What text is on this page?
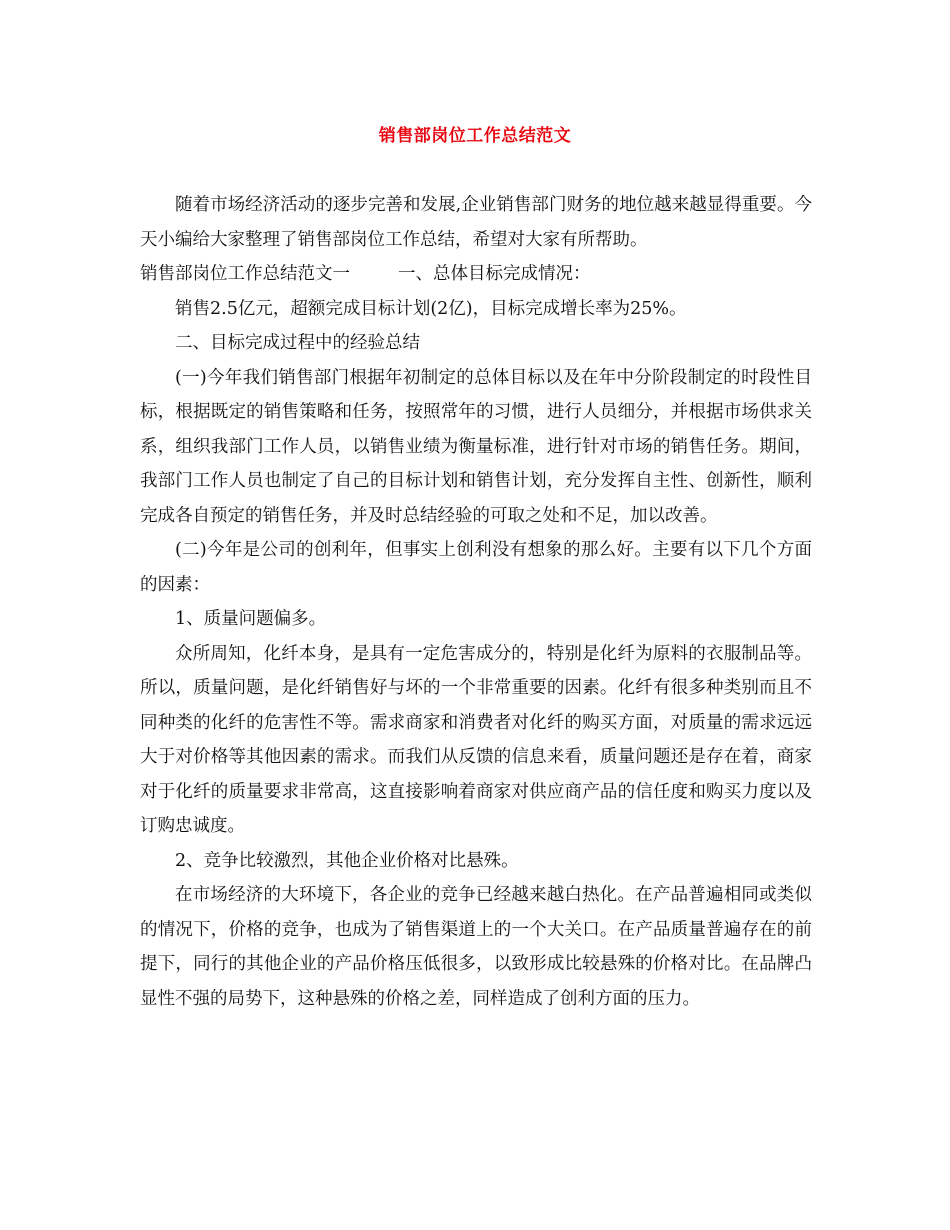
销售部岗位工作总结范文

随着市场经济活动的逐步完善和发展,企业销售部门财务的地位越来越显得重要。今天小编给大家整理了销售部岗位工作总结，希望对大家有所帮助。

销售部岗位工作总结范文一	一、总体目标完成情况：

销售2.5亿元，超额完成目标计划(2亿)，目标完成增长率为25%。

二、目标完成过程中的经验总结

(一)今年我们销售部门根据年初制定的总体目标以及在年中分阶段制定的时段性目标，根据既定的销售策略和任务，按照常年的习惯，进行人员细分，并根据市场供求关系，组织我部门工作人员，以销售业绩为衡量标准，进行针对市场的销售任务。期间，我部门工作人员也制定了自己的目标计划和销售计划，充分发挥自主性、创新性，顺利完成各自预定的销售任务，并及时总结经验的可取之处和不足，加以改善。

(二)今年是公司的创利年，但事实上创利没有想象的那么好。主要有以下几个方面的因素：

1、质量问题偏多。

众所周知，化纤本身，是具有一定危害成分的，特别是化纤为原料的衣服制品等。所以，质量问题，是化纤销售好与坏的一个非常重要的因素。化纤有很多种类别而且不同种类的化纤的危害性不等。需求商家和消费者对化纤的购买方面，对质量的需求远远大于对价格等其他因素的需求。而我们从反馈的信息来看，质量问题还是存在着，商家对于化纤的质量要求非常高，这直接影响着商家对供应商产品的信任度和购买力度以及订购忠诚度。

2、竞争比较激烈，其他企业价格对比悬殊。

在市场经济的大环境下，各企业的竞争已经越来越白热化。在产品普遍相同或类似的情况下，价格的竞争，也成为了销售渠道上的一个大关口。在产品质量普遍存在的前提下，同行的其他企业的产品价格压低很多，以致形成比较悬殊的价格对比。在品牌凸显性不强的局势下，这种悬殊的价格之差，同样造成了创利方面的压力。
